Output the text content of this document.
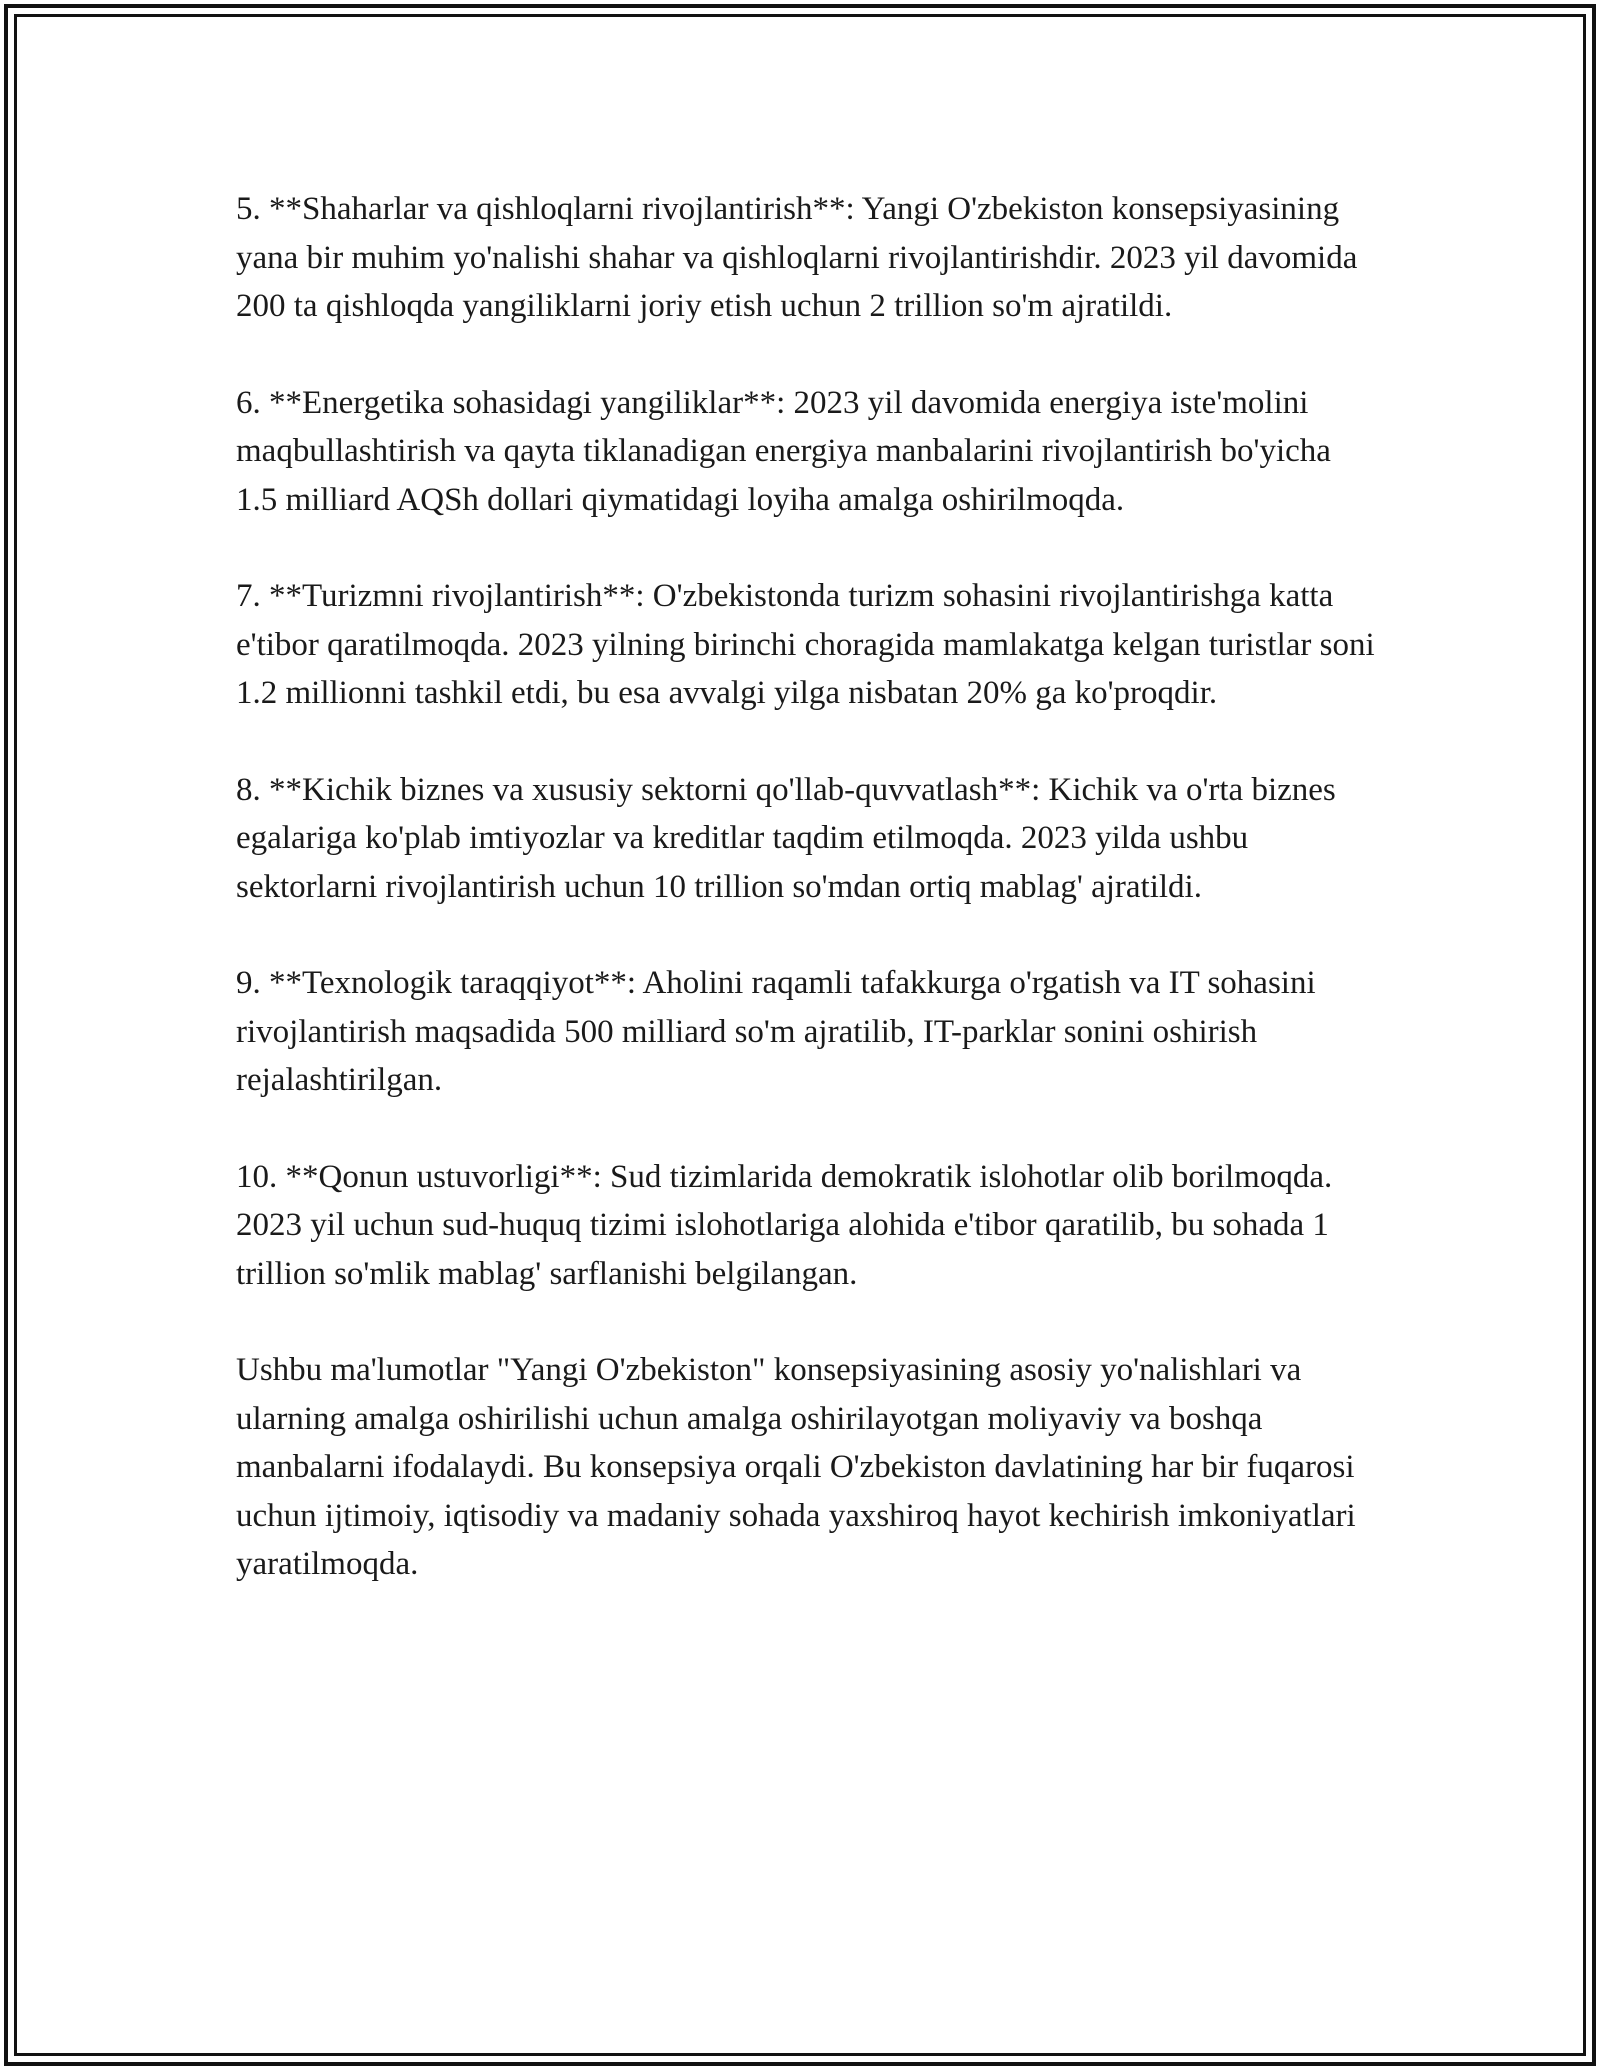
5. **Shaharlar va qishloqlarni rivojlantirish**: Yangi O'zbekiston konsepsiyasining yana bir muhim yo'nalishi shahar va qishloqlarni rivojlantirishdir. 2023 yil davomida 200 ta qishloqda yangiliklarni joriy etish uchun 2 trillion so'm ajratildi.

6. **Energetika sohasidagi yangiliklar**: 2023 yil davomida energiya iste'molini maqbullashtirish va qayta tiklanadigan energiya manbalarini rivojlantirish bo'yicha 1.5 milliard AQSh dollari qiymatidagi loyiha amalga oshirilmoqda.

7. **Turizmni rivojlantirish**: O'zbekistonda turizm sohasini rivojlantirishga katta e'tibor qaratilmoqda. 2023 yilning birinchi choragida mamlakatga kelgan turistlar soni 1.2 millionni tashkil etdi, bu esa avvalgi yilga nisbatan 20% ga ko'proqdir.

8. **Kichik biznes va xususiy sektorni qo'llab-quvvatlash**: Kichik va o'rta biznes egalariga ko'plab imtiyozlar va kreditlar taqdim etilmoqda. 2023 yilda ushbu sektorlarni rivojlantirish uchun 10 trillion so'mdan ortiq mablag' ajratildi.

9. **Texnologik taraqqiyot**: Aholini raqamli tafakkurga o'rgatish va IT sohasini rivojlantirish maqsadida 500 milliard so'm ajratilib, IT-parklar sonini oshirish rejalashtirilgan.

10. **Qonun ustuvorligi**: Sud tizimlarida demokratik islohotlar olib borilmoqda. 2023 yil uchun sud-huquq tizimi islohotlariga alohida e'tibor qaratilib, bu sohada 1 trillion so'mlik mablag' sarflanishi belgilangan.

Ushbu ma'lumotlar "Yangi O'zbekiston" konsepsiyasining asosiy yo'nalishlari va ularning amalga oshirilishi uchun amalga oshirilayotgan moliyaviy va boshqa manbalarni ifodalaydi. Bu konsepsiya orqali O'zbekiston davlatining har bir fuqarosi uchun ijtimoiy, iqtisodiy va madaniy sohada yaxshiroq hayot kechirish imkoniyatlari yaratilmoqda.
